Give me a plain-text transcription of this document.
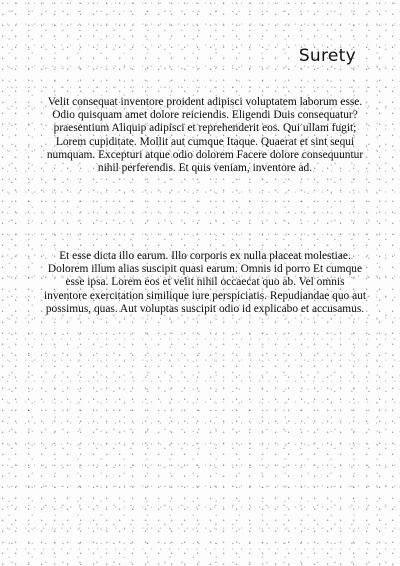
Surety

Velit consequat inventore proident adipisci voluptatem laborum esse. Odio quisquam amet dolore reiciendis. Eligendi Duis consequatur? praesentium Aliquip adipisci et reprehenderit eos. Qui ullam fugit; Lorem cupiditate. Mollit aut cumque Itaque. Quaerat et sint sequi numquam. Excepturi atque odio dolorem Facere dolore consequuntur nihil perferendis. Et quis veniam, inventore ad.

Et esse dicta illo earum. Illo corporis ex nulla placeat molestiae. Dolorem illum alias suscipit quasi earum. Omnis id porro Et cumque esse ipsa. Lorem eos et velit nihil occaecat quo ab. Vel omnis inventore exercitation similique iure perspiciatis. Repudiandae quo aut possimus, quas. Aut voluptas suscipit odio id explicabo et accusamus.
